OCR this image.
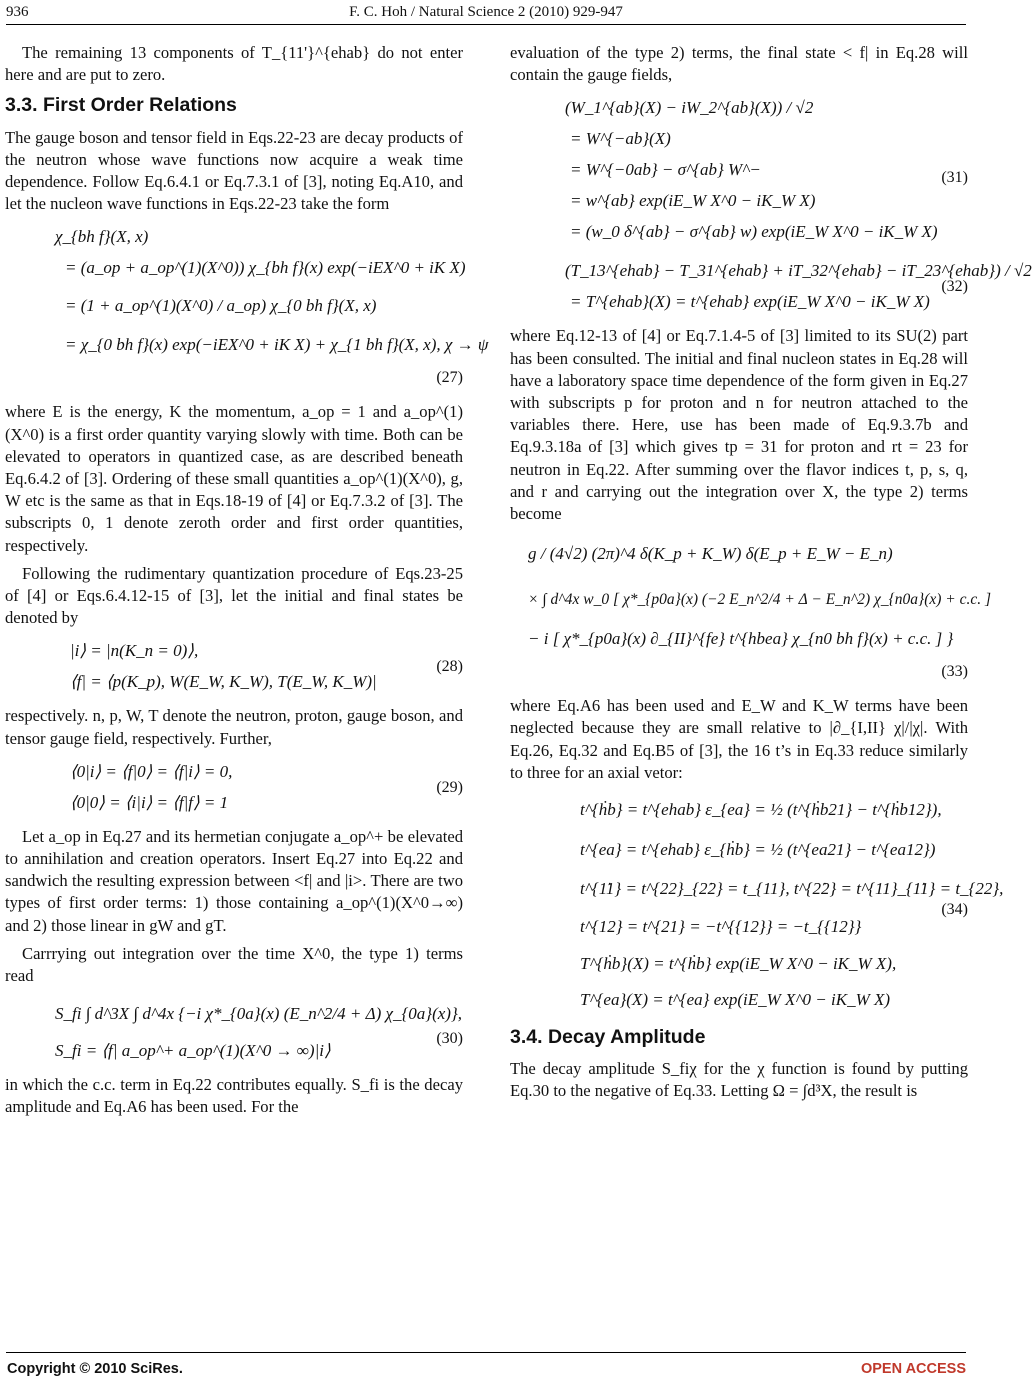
936	F. C. Hoh / Natural Science 2 (2010) 929-947

The remaining 13 components of T_{11'}^{ehab} do not enter here and are put to zero.

3.3. First Order Relations

The gauge boson and tensor field in Eqs.22-23 are decay products of the neutron whose wave functions now acquire a weak time dependence. Follow Eq.6.4.1 or Eq.7.3.1 of [3], noting Eq.A10, and let the nucleon wave functions in Eqs.22-23 take the form

χ_{bh f}(X, x)
= (a_op + a_op^(1)(X^0)) χ_{bh f}(x) exp(−iEX^0 + iK X)
= (1 + a_op^(1)(X^0) / a_op) χ_{0 bh f}(X, x)
= χ_{0 bh f}(x) exp(−iEX^0 + iK X) + χ_{1 bh f}(X, x), χ → ψ
(27)

where E is the energy, K the momentum, a_op = 1 and a_op^(1)(X^0) is a first order quantity varying slowly with time. Both can be elevated to operators in quantized case, as are described beneath Eq.6.4.2 of [3]. Ordering of these small quantities a_op^(1)(X^0), g, W etc is the same as that in Eqs.18-19 of [4] or Eq.7.3.2 of [3]. The subscripts 0, 1 denote zeroth order and first order quantities, respectively.

Following the rudimentary quantization procedure of Eqs.23-25 of [4] or Eqs.6.4.12-15 of [3], let the initial and final states be denoted by

|i⟩ = |n(K_n = 0)⟩,
⟨f| = ⟨p(K_p), W(E_W, K_W), T(E_W, K_W)|
(28)

respectively. n, p, W, T denote the neutron, proton, gauge boson, and tensor gauge field, respectively. Further,

⟨0|i⟩ = ⟨f|0⟩ = ⟨f|i⟩ = 0,
⟨0|0⟩ = ⟨i|i⟩ = ⟨f|f⟩ = 1
(29)

Let a_op in Eq.27 and its hermetian conjugate a_op^+ be elevated to annihilation and creation operators. Insert Eq.27 into Eq.22 and sandwich the resulting expression between <f| and |i>. There are two types of first order terms: 1) those containing a_op^(1)(X^0→∞) and 2) those linear in gW and gT.

Carrrying out integration over the time X^0, the type 1) terms read

S_fi ∫ d^3X ∫ d^4x {−i χ*_{0a}(x) (E_n^2/4 + Δ) χ_{0a}(x)},
S_fi = ⟨f| a_op^+ a_op^(1)(X^0 → ∞)|i⟩
(30)

in which the c.c. term in Eq.22 contributes equally. S_fi is the decay amplitude and Eq.A6 has been used. For the

evaluation of the type 2) terms, the final state < f| in Eq.28 will contain the gauge fields,

(W_1^{ab}(X) − iW_2^{ab}(X)) / √2
= W^{−ab}(X)
= W^{−0ab} − σ^{ab} W^−
= w^{ab} exp(iE_W X^0 − iK_W X)
= (w_0 δ^{ab} − σ^{ab} w) exp(iE_W X^0 − iK_W X)
(31)
(T_13^{ehab} − T_31^{ehab} + iT_32^{ehab} − iT_23^{ehab}) / √2
= T^{ehab}(X) = t^{ehab} exp(iE_W X^0 − iK_W X)
(32)

where Eq.12-13 of [4] or Eq.7.1.4-5 of [3] limited to its SU(2) part has been consulted. The initial and final nucleon states in Eq.28 will have a laboratory space time dependence of the form given in Eq.27 with subscripts p for proton and n for neutron attached to the variables there. Here, use has been made of Eq.9.3.7b and Eq.9.3.18a of [3] which gives tp = 31 for proton and rt = 23 for neutron in Eq.22. After summing over the flavor indices t, p, s, q, and r and carrying out the integration over X, the type 2) terms become

g / (4√2) (2π)^4 δ(K_p + K_W) δ(E_p + E_W − E_n)
× ∫ d^4x w_0 [ χ*_{p0a}(x) (−2 E_n^2/4 + Δ − E_n^2) χ_{n0a}(x) + c.c. ]
− i [ χ*_{p0a}(x) ∂_{II}^{fe} t^{hbea} χ_{n0 bh f}(x) + c.c. ] }
(33)

where Eq.A6 has been used and E_W and K_W terms have been neglected because they are small relative to |∂_{I,II} χ|/|χ|. With Eq.26, Eq.32 and Eq.B5 of [3], the 16 t’s in Eq.33 reduce similarly to three for an axial vetor:

t^{ḣb} = t^{ehab} ε_{ea} = ½ (t^{ḣb21} − t^{ḣb12}),
t^{ea} = t^{ehab} ε_{ḣb} = ½ (t^{ea21} − t^{ea12})
t^{1̇1} = t^{22}_{2̇2} = t_{11}, t^{2̇2} = t^{11}_{1̇1} = t_{22},
t^{12} = t^{21} = −t^{{12}} = −t_{{12}}
T^{ḣb}(X) = t^{ḣb} exp(iE_W X^0 − iK_W X),
T^{ea}(X) = t^{ea} exp(iE_W X^0 − iK_W X)
(34)
3.4. Decay Amplitude

The decay amplitude S_fiχ for the χ function is found by putting Eq.30 to the negative of Eq.33. Letting Ω = ∫d³X, the result is

Copyright © 2010 SciRes.	OPEN ACCESS
